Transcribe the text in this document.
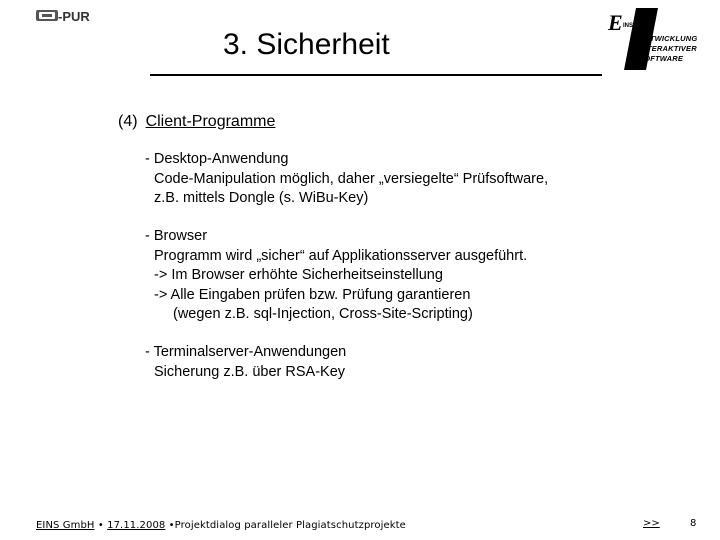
-PUR	E INS
ENTWICKLUNG
INTERAKTIVER
SOFTWARE
3. Sicherheit
(4) Client-Programme
- Desktop-Anwendung
Code-Manipulation möglich, daher „versiegelte“ Prüfsoftware,
z.B. mittels Dongle (s. WiBu-Key)
- Browser
Programm wird „sicher“ auf Applikationsserver ausgeführt.
-> Im Browser erhöhte Sicherheitseinstellung
-> Alle Eingaben prüfen bzw. Prüfung garantieren
(wegen z.B. sql-Injection, Cross-Site-Scripting)
- Terminalserver-Anwendungen
Sicherung z.B. über RSA-Key
EINS GmbH • 17.11.2008 •Projektdialog paralleler Plagiatschutzprojekte	>>	8
